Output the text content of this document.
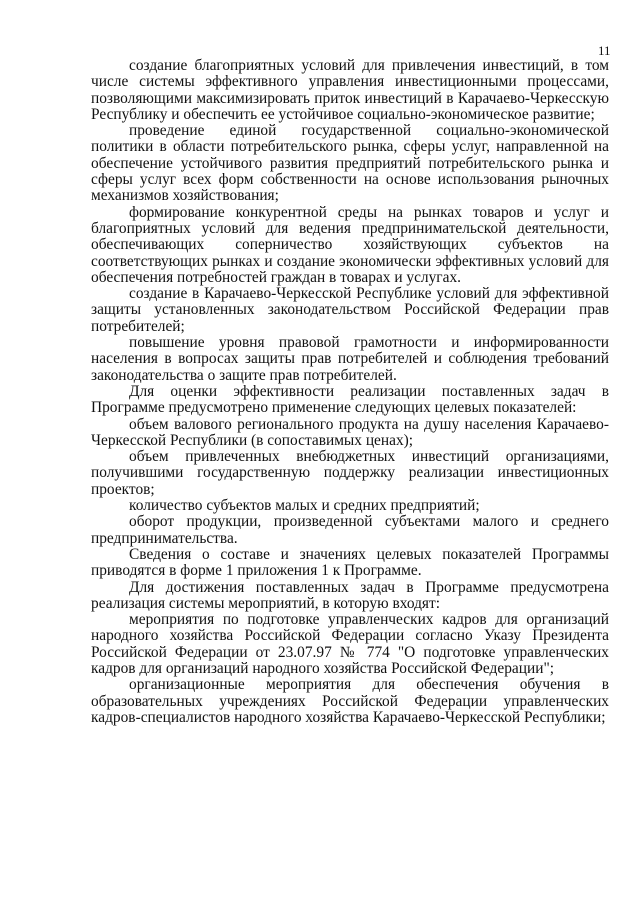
11

создание благоприятных условий для привлечения инвестиций, в том числе системы эффективного управления инвестиционными процессами, позволяющими максимизировать приток инвестиций в Карачаево-Черкесскую Республику и обеспечить ее устойчивое социально-экономическое развитие;

проведение единой государственной социально-экономической политики в области потребительского рынка, сферы услуг, направленной на обеспечение устойчивого развития предприятий потребительского рынка и сферы услуг всех форм собственности на основе использования рыночных механизмов хозяйствования;

формирование конкурентной среды на рынках товаров и услуг и благоприятных условий для ведения предпринимательской деятельности, обеспечивающих соперничество хозяйствующих субъектов на соответствующих рынках и создание экономически эффективных условий для обеспечения потребностей граждан в товарах и услугах.

создание в Карачаево-Черкесской Республике условий для эффективной защиты установленных законодательством Российской Федерации прав потребителей;

повышение уровня правовой грамотности и информированности населения в вопросах защиты прав потребителей и соблюдения требований законодательства о защите прав потребителей.

Для оценки эффективности реализации поставленных задач в Программе предусмотрено применение следующих целевых показателей:

объем валового регионального продукта на душу населения Карачаево-Черкесской Республики (в сопоставимых ценах);

объем привлеченных внебюджетных инвестиций организациями, получившими государственную поддержку реализации инвестиционных проектов;

количество субъектов малых и средних предприятий;

оборот продукции, произведенной субъектами малого и среднего предпринимательства.

Сведения о составе и значениях целевых показателей Программы приводятся в форме 1 приложения 1 к Программе.

Для достижения поставленных задач в Программе предусмотрена реализация системы мероприятий, в которую входят:

мероприятия по подготовке управленческих кадров для организаций народного хозяйства Российской Федерации согласно Указу Президента Российской Федерации от 23.07.97 № 774 "О подготовке управленческих кадров для организаций народного хозяйства Российской Федерации";

организационные мероприятия для обеспечения обучения в образовательных учреждениях Российской Федерации управленческих кадров-специалистов народного хозяйства Карачаево-Черкесской Республики;
